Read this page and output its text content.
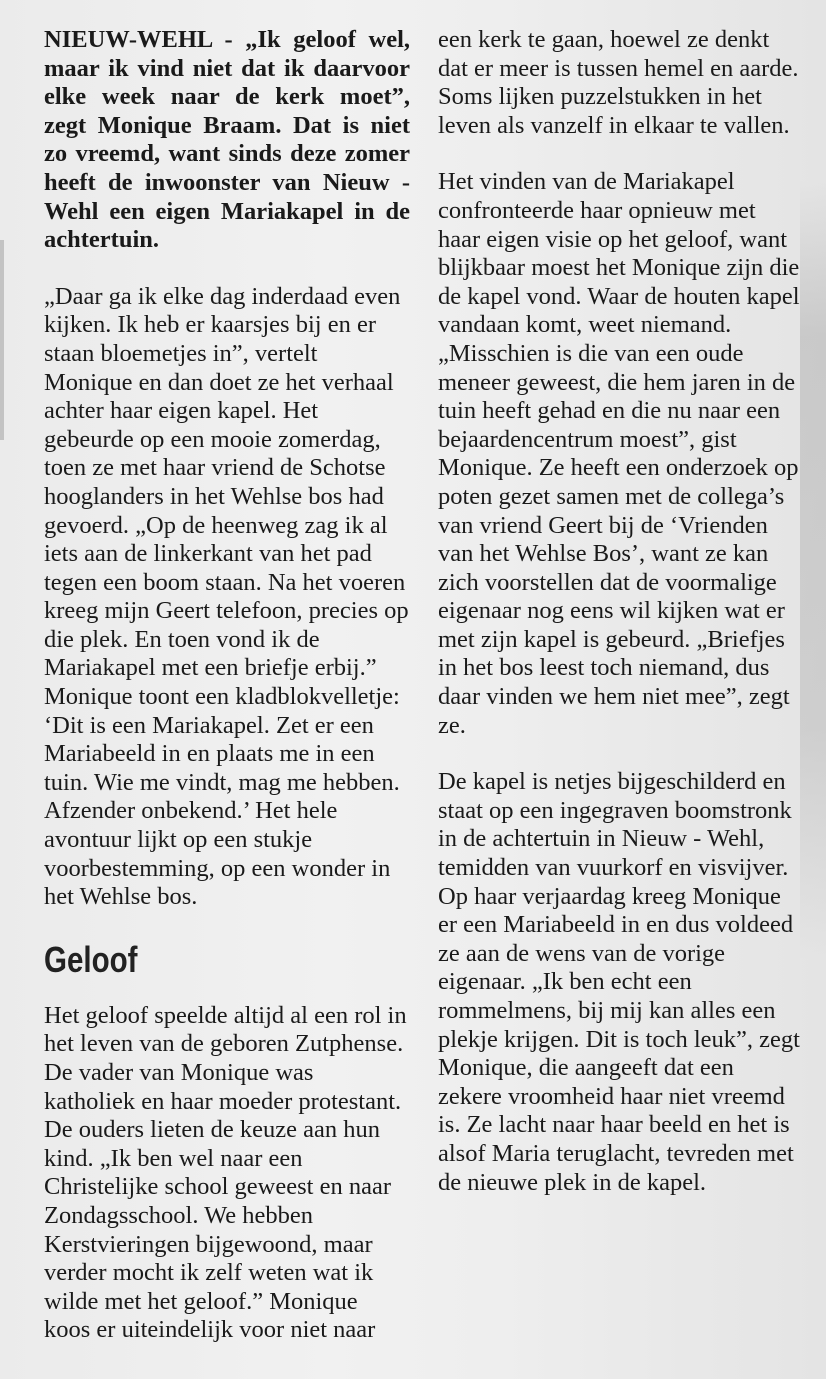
NIEUW-WEHL - „Ik geloof wel, maar ik vind niet dat ik daarvoor elke week naar de kerk moet”, zegt Monique Braam. Dat is niet zo vreemd, want sinds deze zomer heeft de inwoonster van Nieuw - Wehl een eigen Mariakapel in de achtertuin.

„Daar ga ik elke dag inderdaad even kijken. Ik heb er kaarsjes bij en er staan bloemetjes in”, vertelt Monique en dan doet ze het verhaal achter haar eigen kapel. Het gebeurde op een mooie zomerdag, toen ze met haar vriend de Schotse hooglanders in het Wehlse bos had gevoerd. „Op de heenweg zag ik al iets aan de linkerkant van het pad tegen een boom staan. Na het voeren kreeg mijn Geert telefoon, precies op die plek. En toen vond ik de Mariakapel met een briefje erbij.” Monique toont een kladblokvelletje: ‘Dit is een Mariakapel. Zet er een Mariabeeld in en plaats me in een tuin. Wie me vindt, mag me hebben. Afzender onbekend.’ Het hele avontuur lijkt op een stukje voorbestemming, op een wonder in het Wehlse bos.

Geloof

Het geloof speelde altijd al een rol in het leven van de geboren Zutphense. De vader van Monique was katholiek en haar moeder protestant. De ouders lieten de keuze aan hun kind. „Ik ben wel naar een Christelijke school geweest en naar Zondagsschool. We hebben Kerstvieringen bijgewoond, maar verder mocht ik zelf weten wat ik wilde met het geloof.” Monique koos er uiteindelijk voor niet naar

een kerk te gaan, hoewel ze denkt dat er meer is tussen hemel en aarde. Soms lijken puzzelstukken in het leven als vanzelf in elkaar te vallen.

Het vinden van de Mariakapel confronteerde haar opnieuw met haar eigen visie op het geloof, want blijkbaar moest het Monique zijn die de kapel vond. Waar de houten kapel vandaan komt, weet niemand. „Misschien is die van een oude meneer geweest, die hem jaren in de tuin heeft gehad en die nu naar een bejaardencentrum moest”, gist Monique. Ze heeft een onderzoek op poten gezet samen met de collega’s van vriend Geert bij de ‘Vrienden van het Wehlse Bos’, want ze kan zich voorstellen dat de voormalige eigenaar nog eens wil kijken wat er met zijn kapel is gebeurd. „Briefjes in het bos leest toch niemand, dus daar vinden we hem niet mee”, zegt ze.

De kapel is netjes bijgeschilderd en staat op een ingegraven boomstronk in de achtertuin in Nieuw - Wehl, temidden van vuurkorf en visvijver. Op haar verjaardag kreeg Monique er een Mariabeeld in en dus voldeed ze aan de wens van de vorige eigenaar. „Ik ben echt een rommelmens, bij mij kan alles een plekje krijgen. Dit is toch leuk”, zegt Monique, die aangeeft dat een zekere vroomheid haar niet vreemd is. Ze lacht naar haar beeld en het is alsof Maria teruglacht, tevreden met de nieuwe plek in de kapel.
